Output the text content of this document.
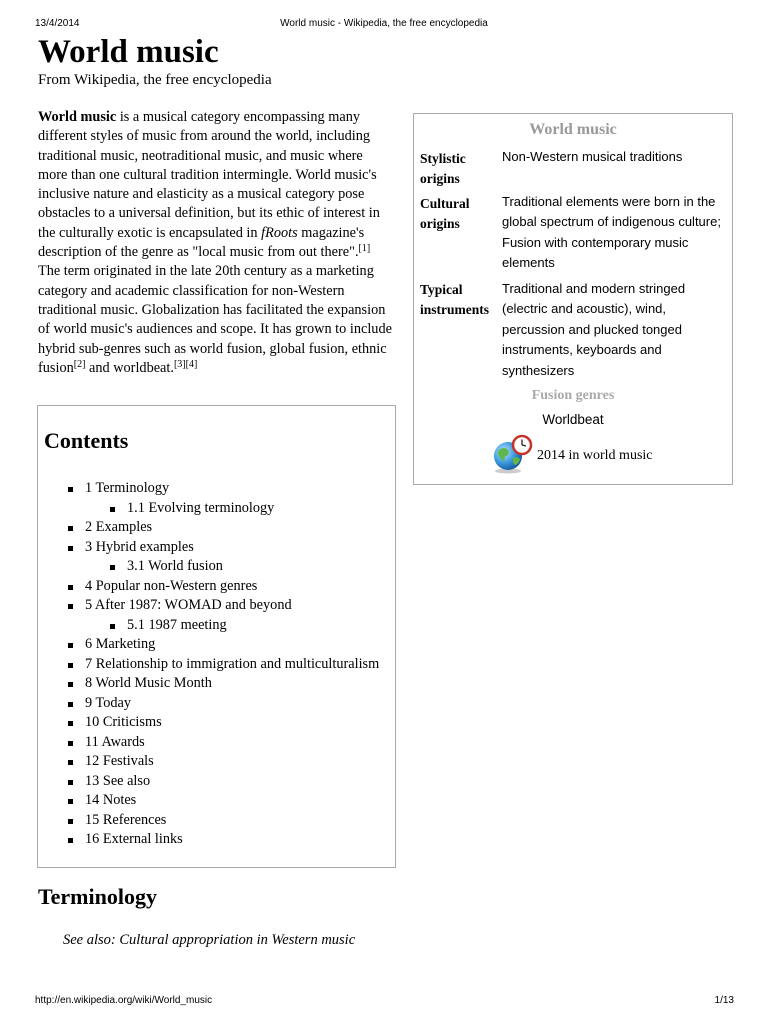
13/4/2014	World music - Wikipedia, the free encyclopedia
World music
From Wikipedia, the free encyclopedia

World music is a musical category encompassing many different styles of music from around the world, including traditional music, neotraditional music, and music where more than one cultural tradition intermingle. World music's inclusive nature and elasticity as a musical category pose obstacles to a universal definition, but its ethic of interest in the culturally exotic is encapsulated in fRoots magazine's description of the genre as "local music from out there".[1] The term originated in the late 20th century as a marketing category and academic classification for non-Western traditional music. Globalization has facilitated the expansion of world music's audiences and scope. It has grown to include hybrid sub-genres such as world fusion, global fusion, ethnic fusion[2] and worldbeat.[3][4]

World music
Stylistic origins
Non-Western musical traditions
Cultural origins
Traditional elements were born in the global spectrum of indigenous culture; Fusion with contemporary music elements
Typical instruments
Traditional and modern stringed (electric and acoustic), wind, percussion and plucked tonged instruments, keyboards and synthesizers
Fusion genres
Worldbeat
2014 in world music
Contents
1 Terminology
1.1 Evolving terminology
2 Examples
3 Hybrid examples
3.1 World fusion
4 Popular non-Western genres
5 After 1987: WOMAD and beyond
5.1 1987 meeting
6 Marketing
7 Relationship to immigration and multiculturalism
8 World Music Month
9 Today
10 Criticisms
11 Awards
12 Festivals
13 See also
14 Notes
15 References
16 External links
Terminology
See also: Cultural appropriation in Western music
http://en.wikipedia.org/wiki/World_music	1/13
